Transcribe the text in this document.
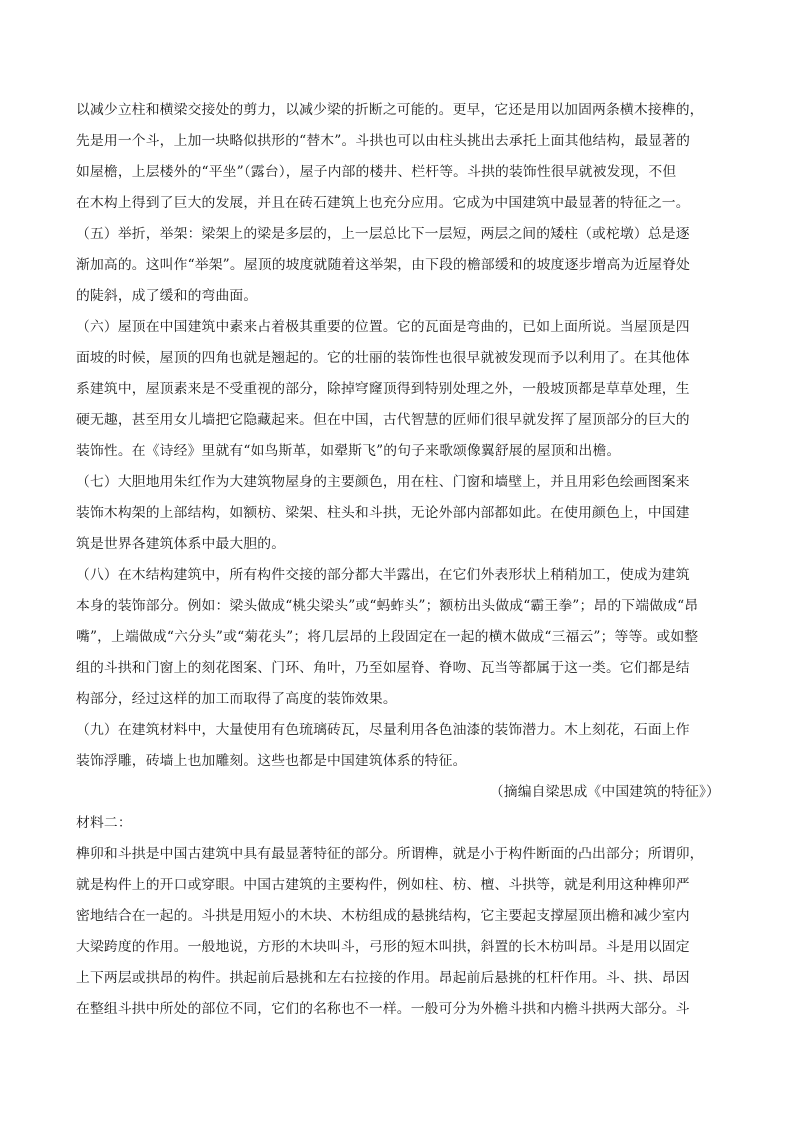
以减少立柱和横梁交接处的剪力，以减少梁的折断之可能的。更早，它还是用以加固两条横木接榫的，
先是用一个斗，上加一块略似拱形的“替木”。斗拱也可以由柱头挑出去承托上面其他结构，最显著的
如屋檐，上层楼外的“平坐”（露台），屋子内部的楼井、栏杆等。斗拱的装饰性很早就被发现，不但
在木构上得到了巨大的发展，并且在砖石建筑上也充分应用。它成为中国建筑中最显著的特征之一。
（五）举折，举架：梁架上的梁是多层的，上一层总比下一层短，两层之间的矮柱（或柁墩）总是逐
渐加高的。这叫作“举架”。屋顶的坡度就随着这举架，由下段的檐部缓和的坡度逐步增高为近屋脊处
的陡斜，成了缓和的弯曲面。
（六）屋顶在中国建筑中素来占着极其重要的位置。它的瓦面是弯曲的，已如上面所说。当屋顶是四
面坡的时候，屋顶的四角也就是翘起的。它的壮丽的装饰性也很早就被发现而予以利用了。在其他体
系建筑中，屋顶素来是不受重视的部分，除掉穹窿顶得到特别处理之外，一般坡顶都是草草处理，生
硬无趣，甚至用女儿墙把它隐藏起来。但在中国，古代智慧的匠师们很早就发挥了屋顶部分的巨大的
装饰性。在《诗经》里就有“如鸟斯革，如翚斯飞”的句子来歌颂像翼舒展的屋顶和出檐。
（七）大胆地用朱红作为大建筑物屋身的主要颜色，用在柱、门窗和墙壁上，并且用彩色绘画图案来
装饰木构架的上部结构，如额枋、梁架、柱头和斗拱，无论外部内部都如此。在使用颜色上，中国建
筑是世界各建筑体系中最大胆的。
（八）在木结构建筑中，所有构件交接的部分都大半露出，在它们外表形状上稍稍加工，使成为建筑
本身的装饰部分。例如：梁头做成“桃尖梁头”或“蚂蚱头”；额枋出头做成“霸王拳”；昂的下端做成“昂
嘴”，上端做成“六分头”或“菊花头”；将几层昂的上段固定在一起的横木做成“三福云”；等等。或如整
组的斗拱和门窗上的刻花图案、门环、角叶，乃至如屋脊、脊吻、瓦当等都属于这一类。它们都是结
构部分，经过这样的加工而取得了高度的装饰效果。
（九）在建筑材料中，大量使用有色琉璃砖瓦，尽量利用各色油漆的装饰潜力。木上刻花，石面上作
装饰浮雕，砖墙上也加雕刻。这些也都是中国建筑体系的特征。
（摘编自梁思成《中国建筑的特征》）
材料二：
榫卯和斗拱是中国古建筑中具有最显著特征的部分。所谓榫，就是小于构件断面的凸出部分；所谓卯，
就是构件上的开口或穿眼。中国古建筑的主要构件，例如柱、枋、檀、斗拱等，就是利用这种榫卯严
密地结合在一起的。斗拱是用短小的木块、木枋组成的悬挑结构，它主要起支撑屋顶出檐和减少室内
大梁跨度的作用。一般地说，方形的木块叫斗，弓形的短木叫拱，斜置的长木枋叫昂。斗是用以固定
上下两层或拱昂的构件。拱起前后悬挑和左右拉接的作用。昂起前后悬挑的杠杆作用。斗、拱、昂因
在整组斗拱中所处的部位不同，它们的名称也不一样。一般可分为外檐斗拱和内檐斗拱两大部分。斗
